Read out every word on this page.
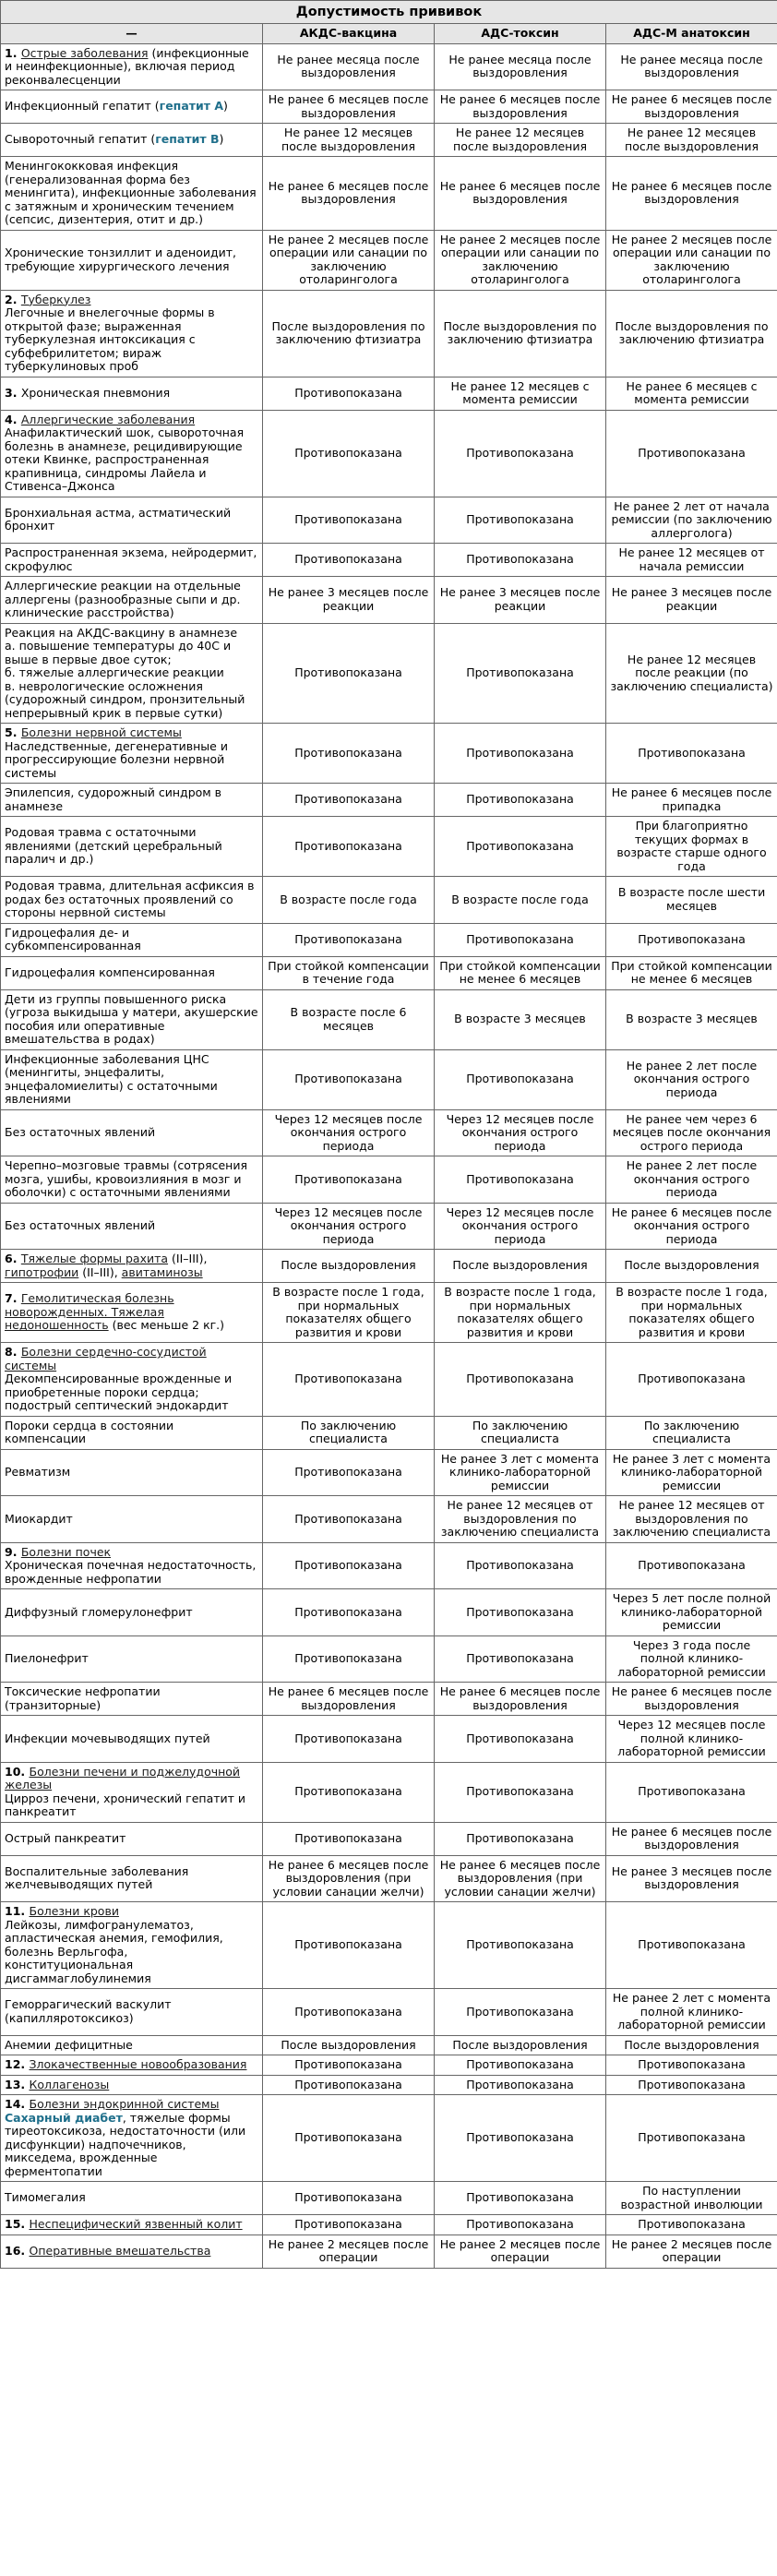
Допустимость прививок
—	АКДС-вакцина	АДС-токсин	АДС-М анатоксин
1. Острые заболевания (инфекционные и неинфекционные), включая период реконвалесценции	Не ранее месяца после выздоровления	Не ранее месяца после выздоровления	Не ранее месяца после выздоровления
Инфекционный гепатит (гепатит А)	Не ранее 6 месяцев после выздоровления	Не ранее 6 месяцев после выздоровления	Не ранее 6 месяцев после выздоровления
Сывороточный гепатит (гепатит В)	Не ранее 12 месяцев после выздоровления	Не ранее 12 месяцев после выздоровления	Не ранее 12 месяцев после выздоровления
Менингококковая инфекция (генерализованная форма без менингита), инфекционные заболевания с затяжным и хроническим течением (сепсис, дизентерия, отит и др.)	Не ранее 6 месяцев после выздоровления	Не ранее 6 месяцев после выздоровления	Не ранее 6 месяцев после выздоровления
Хронические тонзиллит и аденоидит, требующие хирургического лечения	Не ранее 2 месяцев после операции или санации по заключению отоларинголога	Не ранее 2 месяцев после операции или санации по заключению отоларинголога	Не ранее 2 месяцев после операции или санации по заключению отоларинголога
2. Туберкулез
Легочные и внелегочные формы в открытой фазе; выраженная туберкулезная интоксикация с субфебрилитетом; вираж туберкулиновых проб	После выздоровления по заключению фтизиатра	После выздоровления по заключению фтизиатра	После выздоровления по заключению фтизиатра
3. Хроническая пневмония	Противопоказана	Не ранее 12 месяцев с момента ремиссии	Не ранее 6 месяцев с момента ремиссии
4. Аллергические заболевания
Анафилактический шок, сывороточная болезнь в анамнезе, рецидивирующие отеки Квинке, распространенная крапивница, синдромы Лайела и Стивенса–Джонса	Противопоказана	Противопоказана	Противопоказана
Бронхиальная астма, астматический бронхит	Противопоказана	Противопоказана	Не ранее 2 лет от начала ремиссии (по заключению аллерголога)
Распространенная экзема, нейродермит, скрофулюс	Противопоказана	Противопоказана	Не ранее 12 месяцев от начала ремиссии
Аллергические реакции на отдельные аллергены (разнообразные сыпи и др. клинические расстройства)	Не ранее 3 месяцев после реакции	Не ранее 3 месяцев после реакции	Не ранее 3 месяцев после реакции
Реакция на АКДС-вакцину в анамнезе
а. повышение температуры до 40С и выше в первые двое суток;
б. тяжелые аллергические реакции
в. неврологические осложнения (судорожный синдром, пронзительный непрерывный крик в первые сутки)	Противопоказана	Противопоказана	Не ранее 12 месяцев после реакции (по заключению специалиста)
5. Болезни нервной системы
Наследственные, дегенеративные и прогрессирующие болезни нервной системы	Противопоказана	Противопоказана	Противопоказана
Эпилепсия, судорожный синдром в анамнезе	Противопоказана	Противопоказана	Не ранее 6 месяцев после припадка
Родовая травма с остаточными явлениями (детский церебральный паралич и др.)	Противопоказана	Противопоказана	При благоприятно текущих формах в возрасте старше одного года
Родовая травма, длительная асфиксия в родах без остаточных проявлений со стороны нервной системы	В возрасте после года	В возрасте после года	В возрасте после шести месяцев
Гидроцефалия де- и субкомпенсированная	Противопоказана	Противопоказана	Противопоказана
Гидроцефалия компенсированная	При стойкой компенсации в течение года	При стойкой компенсации не менее 6 месяцев	При стойкой компенсации не менее 6 месяцев
Дети из группы повышенного риска (угроза выкидыша у матери, акушерские пособия или оперативные вмешательства в родах)	В возрасте после 6 месяцев	В возрасте 3 месяцев	В возрасте 3 месяцев
Инфекционные заболевания ЦНС (менингиты, энцефалиты, энцефаломиелиты) с остаточными явлениями	Противопоказана	Противопоказана	Не ранее 2 лет после окончания острого периода
Без остаточных явлений	Через 12 месяцев после окончания острого периода	Через 12 месяцев после окончания острого периода	Не ранее чем через 6 месяцев после окончания острого периода
Черепно–мозговые травмы (сотрясения мозга, ушибы, кровоизлияния в мозг и оболочки) с остаточными явлениями	Противопоказана	Противопоказана	Не ранее 2 лет после окончания острого периода
Без остаточных явлений	Через 12 месяцев после окончания острого периода	Через 12 месяцев после окончания острого периода	Не ранее 6 месяцев после окончания острого периода
6. Тяжелые формы рахита (II–III), гипотрофии (II–III), авитаминозы	После выздоровления	После выздоровления	После выздоровления
7. Гемолитическая болезнь новорожденных. Тяжелая недоношенность (вес меньше 2 кг.)	В возрасте после 1 года, при нормальных показателях общего развития и крови	В возрасте после 1 года, при нормальных показателях общего развития и крови	В возрасте после 1 года, при нормальных показателях общего развития и крови
8. Болезни сердечно-сосудистой системы
Декомпенсированные врожденные и приобретенные пороки сердца; подострый септический эндокардит	Противопоказана	Противопоказана	Противопоказана
Пороки сердца в состоянии компенсации	По заключению специалиста	По заключению специалиста	По заключению специалиста
Ревматизм	Противопоказана	Не ранее 3 лет с момента клинико-лабораторной ремиссии	Не ранее 3 лет с момента клинико-лабораторной ремиссии
Миокардит	Противопоказана	Не ранее 12 месяцев от выздоровления по заключению специалиста	Не ранее 12 месяцев от выздоровления по заключению специалиста
9. Болезни почек
Хроническая почечная недостаточность, врожденные нефропатии	Противопоказана	Противопоказана	Противопоказана
Диффузный гломерулонефрит	Противопоказана	Противопоказана	Через 5 лет после полной клинико-лабораторной ремиссии
Пиелонефрит	Противопоказана	Противопоказана	Через 3 года после полной клинико-лабораторной ремиссии
Токсические нефропатии (транзиторные)	Не ранее 6 месяцев после выздоровления	Не ранее 6 месяцев после выздоровления	Не ранее 6 месяцев после выздоровления
Инфекции мочевыводящих путей	Противопоказана	Противопоказана	Через 12 месяцев после полной клинико-лабораторной ремиссии
10. Болезни печени и поджелудочной железы
Цирроз печени, хронический гепатит и панкреатит	Противопоказана	Противопоказана	Противопоказана
Острый панкреатит	Противопоказана	Противопоказана	Не ранее 6 месяцев после выздоровления
Воспалительные заболевания желчевыводящих путей	Не ранее 6 месяцев после выздоровления (при условии санации желчи)	Не ранее 6 месяцев после выздоровления (при условии санации желчи)	Не ранее 3 месяцев после выздоровления
11. Болезни крови
Лейкозы, лимфогранулематоз, апластическая анемия, гемофилия, болезнь Верльгофа, конституциональная дисгаммаглобулинемия	Противопоказана	Противопоказана	Противопоказана
Геморрагический васкулит (капилляротоксикоз)	Противопоказана	Противопоказана	Не ранее 2 лет с момента полной клинико-лабораторной ремиссии
Анемии дефицитные	После выздоровления	После выздоровления	После выздоровления
12. Злокачественные новообразования	Противопоказана	Противопоказана	Противопоказана
13. Коллагенозы	Противопоказана	Противопоказана	Противопоказана
14. Болезни эндокринной системы
Сахарный диабет, тяжелые формы тиреотоксикоза, недостаточности (или дисфункции) надпочечников, микседема, врожденные ферментопатии	Противопоказана	Противопоказана	Противопоказана
Тимомегалия	Противопоказана	Противопоказана	По наступлении возрастной инволюции
15. Неспецифический язвенный колит	Противопоказана	Противопоказана	Противопоказана
16. Оперативные вмешательства	Не ранее 2 месяцев после операции	Не ранее 2 месяцев после операции	Не ранее 2 месяцев после операции
